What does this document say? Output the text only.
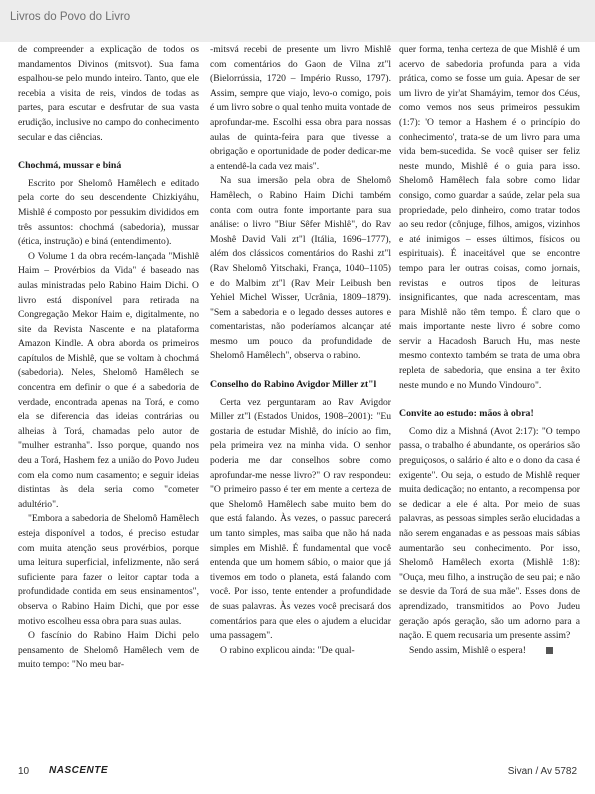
Livros do Povo do Livro

de compreender a explicação de todos os mandamentos Divinos (mitsvot). Sua fama espalhou-se pelo mundo inteiro. Tanto, que ele recebia a visita de reis, vindos de todas as partes, para escutar e desfrutar de sua vasta erudição, inclusive no campo do conhecimento secular e das ciências.

Chochmá, mussar e biná

Escrito por Shelomô Hamêlech e editado pela corte do seu descendente Chizkiyáhu, Mishlê é composto por pessukim divididos em três assuntos: chochmá (sabedoria), mussar (ética, instrução) e biná (entendimento).

O Volume 1 da obra recém-lançada "Mishlê Haim – Provérbios da Vida" é baseado nas aulas ministradas pelo Rabino Haim Dichi. O livro está disponível para retirada na Congregação Mekor Haim e, digitalmente, no site da Revista Nascente e na plataforma Amazon Kindle. A obra aborda os primeiros capítulos de Mishlê, que se voltam à chochmá (sabedoria). Neles, Shelomô Hamêlech se concentra em definir o que é a sabedoria de verdade, encontrada apenas na Torá, e como ela se diferencia das ideias contrárias ou alheias à Torá, chamadas pelo autor de "mulher estranha". Isso porque, quando nos deu a Torá, Hashem fez a união do Povo Judeu com ela como num casamento; e seguir ideias distintas às dela seria como "cometer adultério".

"Embora a sabedoria de Shelomô Hamêlech esteja disponível a todos, é preciso estudar com muita atenção seus provérbios, porque uma leitura superficial, infelizmente, não será suficiente para fazer o leitor captar toda a profundidade contida em seus ensinamentos", observa o Rabino Haim Dichi, que por esse motivo escolheu essa obra para suas aulas.

O fascínio do Rabino Haim Dichi pelo pensamento de Shelomô Hamêlech vem de muito tempo: "No meu bar-

-mitsvá recebi de presente um livro Mishlê com comentários do Gaon de Vilna zt"l (Bielorrússia, 1720 – Império Russo, 1797). Assim, sempre que viajo, levo-o comigo, pois é um livro sobre o qual tenho muita vontade de aprofundar-me. Escolhi essa obra para nossas aulas de quinta-feira para que tivesse a obrigação e oportunidade de poder dedicar-me a entendê-la cada vez mais".

Na sua imersão pela obra de Shelomô Hamêlech, o Rabino Haim Dichi também conta com outra fonte importante para sua análise: o livro "Biur Sêfer Mishlê", do Rav Moshê David Vali zt"l (Itália, 1696–1777), além dos clássicos comentários do Rashi zt"l (Rav Shelomô Yitschaki, França, 1040–1105) e do Malbim zt"l (Rav Meir Leibush ben Yehiel Michel Wisser, Ucrânia, 1809–1879). "Sem a sabedoria e o legado desses autores e comentaristas, não poderíamos alcançar até mesmo um pouco da profundidade de Shelomô Hamêlech", observa o rabino.

Conselho do Rabino Avigdor Miller zt"l

Certa vez perguntaram ao Rav Avigdor Miller zt"l (Estados Unidos, 1908–2001): "Eu gostaria de estudar Mishlê, do início ao fim, pela primeira vez na minha vida. O senhor poderia me dar conselhos sobre como aprofundar-me nesse livro?" O rav respondeu: "O primeiro passo é ter em mente a certeza de que Shelomô Hamêlech sabe muito bem do que está falando. Às vezes, o passuc parecerá um tanto simples, mas saiba que não há nada simples em Mishlê. É fundamental que você entenda que um homem sábio, o maior que já tivemos em todo o planeta, está falando com você. Por isso, tente entender a profundidade de suas palavras. Às vezes você precisará dos comentários para que eles o ajudem a elucidar uma passagem".

O rabino explicou ainda: "De qual-

quer forma, tenha certeza de que Mishlê é um acervo de sabedoria profunda para a vida prática, como se fosse um guia. Apesar de ser um livro de yir'at Shamáyim, temor dos Céus, como vemos nos seus primeiros pessukim (1:7): 'O temor a Hashem é o princípio do conhecimento', trata-se de um livro para uma vida bem-sucedida. Se você quiser ser feliz neste mundo, Mishlê é o guia para isso. Shelomô Hamêlech fala sobre como lidar consigo, como guardar a saúde, zelar pela sua propriedade, pelo dinheiro, como tratar todos ao seu redor (cônjuge, filhos, amigos, vizinhos e até inimigos – esses últimos, físicos ou espirituais). É inaceitável que se encontre tempo para ler outras coisas, como jornais, revistas e outros tipos de leituras insignificantes, que nada acrescentam, mas para Mishlê não têm tempo. É claro que o mais importante neste livro é sobre como servir a Hacadosh Baruch Hu, mas neste mesmo contexto também se trata de uma obra repleta de sabedoria, que ensina a ter êxito neste mundo e no Mundo Vindouro".

Convite ao estudo: mãos à obra!

Como diz a Mishná (Avot 2:17): "O tempo passa, o trabalho é abundante, os operários são preguiçosos, o salário é alto e o dono da casa é exigente". Ou seja, o estudo de Mishlê requer muita dedicação; no entanto, a recompensa por se dedicar a ele é alta. Por meio de suas palavras, as pessoas simples serão elucidadas a não serem enganadas e as pessoas mais sábias aumentarão seu conhecimento. Por isso, Shelomô Hamêlech exorta (Mishlê 1:8): "Ouça, meu filho, a instrução de seu pai; e não se desvie da Torá de sua mãe". Esses dons de aprendizado, transmitidos ao Povo Judeu geração após geração, são um adorno para a nação. E quem recusaria um presente assim?

Sendo assim, Mishlê o espera!

10 NASCENTE	Sivan / Av 5782
